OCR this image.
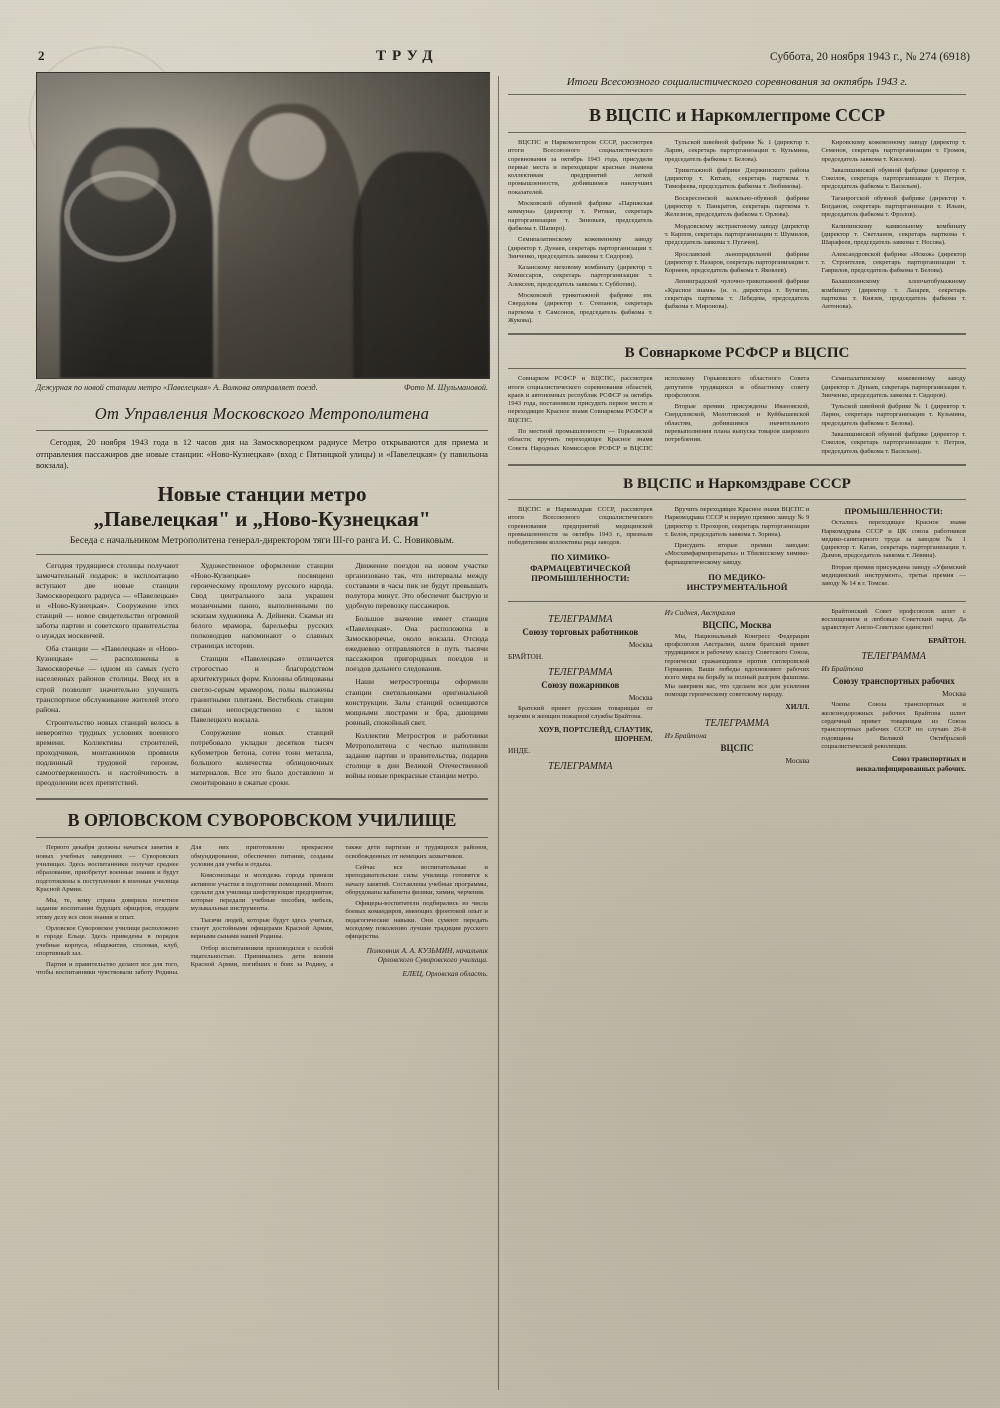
2	ТРУД	Суббота, 20 ноября 1943 г., № 274 (6918)
Дежурная по новой станции метро «Павелецкая» А. Волкова отправляет поезд.	Фото М. Шульмановой.
От Управления Московского Метрополитена

Сегодня, 20 ноября 1943 года в 12 часов дня на Замоскворецком радиусе Метро открываются для приема и отправления пассажиров две новые станции: «Ново-Кузнецкая» (вход с Пятницкой улицы) и «Павелецкая» (у павильона вокзала).

Новые станции метро
„Павелецкая" и „Ново-Кузнецкая"
Беседа с начальником Метрополитена генерал-директором тяги III-го ранга И. С. Новиковым.

Сегодня трудящиеся столицы получают замечательный подарок: в эксплоатацию вступают две новые станции Замоскворецкого радиуса — «Павелецкая» и «Ново-Кузнецкая». Сооружение этих станций — новое свидетельство огромной заботы партии и советского правительства о нуждах москвичей.

Оба станции — «Павелецкая» и «Ново-Кузнецкая» — расположены в Замоскворечье — одном из самых густо населенных районов столицы. Ввод их в строй позволит значительно улучшить транспортное обслуживание жителей этого района.

Строительство новых станций велось в невероятно трудных условиях военного времени. Коллективы строителей, проходчиков, монтажников проявили подлинный трудовой героизм, самоотверженность и настойчивость в преодолении всех препятствий.

Художественное оформление станции «Ново-Кузнецкая» посвящено героическому прошлому русского народа. Свод центрального зала украшен мозаичными панно, выполненными по эскизам художника А. Дейнеки. Скамьи из белого мрамора, барельефы русских полководцев напоминают о славных страницах истории.

Станция «Павелецкая» отличается строгостью и благородством архитектурных форм. Колонны облицованы светло-серым мрамором, полы выложены гранитными плитами. Вестибюль станции связан непосредственно с залом Павелецкого вокзала.

Сооружение новых станций потребовало укладки десятков тысяч кубометров бетона, сотен тонн металла, большого количества облицовочных материалов. Все это было доставлено и смонтировано в сжатые сроки.

Движение поездов на новом участке организовано так, что интервалы между составами в часы пик не будут превышать полутора минут. Это обеспечит быструю и удобную перевозку пассажиров.

Большое значение имеет станция «Павелецкая». Она расположена в Замоскворечье, около вокзала. Отсюда ежедневно отправляются в путь тысячи пассажиров пригородных поездов и поездов дальнего следования.

Наши метростроевцы оформили станции светильниками оригинальной конструкции. Залы станций освещаются мощными люстрами и бра, дающими ровный, спокойный свет.

Коллектив Метростроя и работники Метрополитена с честью выполнили задание партии и правительства, подарив столице в дни Великой Отечественной войны новые прекрасные станции метро.

В ОРЛОВСКОМ СУВОРОВСКОМ УЧИЛИЩЕ

Первого декабря должны начаться занятия в новых учебных заведениях — Суворовских училищах. Здесь воспитанники получат среднее образование, приобретут военные знания и будут подготовлены к поступлению в военные училища Красной Армии.

Мы, те, кому страна доверила почетное задание воспитания будущих офицеров, отдадим этому делу все свои знания и опыт.

Орловское Суворовское училище расположено в городе Ельце. Здесь приведены в порядок учебные корпуса, общежития, столовая, клуб, спортивный зал.

Партия и правительство делают все для того, чтобы воспитанники чувствовали заботу Родины. Для них приготовлено прекрасное обмундирование, обеспечено питание, созданы условия для учебы и отдыха.

Комсомольцы и молодежь города приняли активное участие в подготовке помещений. Много сделали для училища шефствующие предприятия, которые передали учебные пособия, мебель, музыкальные инструменты.

Тысячи людей, которые будут здесь учиться, станут достойными офицерами Красной Армии, верными сынами нашей Родины.

Отбор воспитанников производился с особой тщательностью. Принимались дети воинов Красной Армии, погибших в боях за Родину, а также дети партизан и трудящихся районов, освобожденных от немецких захватчиков.

Сейчас все воспитательные и преподавательские силы училища готовятся к началу занятий. Составлены учебные программы, оборудованы кабинеты физики, химии, черчения.

Офицеры-воспитатели подбирались из числа боевых командиров, имеющих фронтовой опыт и педагогические навыки. Они сумеют передать молодому поколению лучшие традиции русского офицерства.

Полковник А. А. КУЗЬМИН, начальник Орловского Суворовского училища.
ЕЛЕЦ, Орловская область.
Итоги Всесоюзного социалистического соревнования за октябрь 1943 г.
В ВЦСПС и Наркомлегпроме СССР

ВЦСПС и Наркомлегпром СССР, рассмотрев итоги Всесоюзного социалистического соревнования за октябрь 1943 года, присудили первые места и переходящие красные знамена коллективам предприятий легкой промышленности, добившимся наилучших показателей.

Московской обувной фабрике «Парижская коммуна» (директор т. Ритман, секретарь парторганизации т. Зиновьев, председатель фабкома т. Шапиро).

Семипалатинскому кожевенному заводу (директор т. Дунаев, секретарь парторганизации т. Зинченко, председатель завкома т. Сидоров).

Казанскому меховому комбинату (директор т. Комиссаров, секретарь парторганизации т. Алексеев, председатель завкома т. Субботин).

Московской трикотажной фабрике им. Свердлова (директор т. Степанов, секретарь парткома т. Самсонов, председатель фабкома т. Жукова).

Тульской швейной фабрике № 1 (директор т. Ларин, секретарь парторганизации т. Кузьмина, председатель фабкома т. Белова).

Трикотажной фабрике Дзержинского района (директор т. Китаев, секретарь парткома т. Тимофеева, председатель фабкома т. Любимова).

Воскресенской валяльно-обувной фабрике (директор т. Панкратов, секретарь парткома т. Железнов, председатель фабкома т. Орлова).

Мордовскому экстрактовому заводу (директор т. Карпов, секретарь парторганизации т. Шумилов, председатель завкома т. Пугачев).

Ярославской льнопрядильной фабрике (директор т. Назаров, секретарь парторганизации т. Корнеев, председатель фабкома т. Яковлев).

Ленинградской чулочно-трикотажной фабрике «Красное знамя» (и. о. директора т. Бутягин, секретарь парткома т. Лебедева, председатель фабкома т. Миронова).

Кировскому кожевенному заводу (директор т. Семенов, секретарь парторганизации т. Громов, председатель завкома т. Киселев).

Завалишинской обувной фабрике (директор т. Соколов, секретарь парторганизации т. Петров, председатель фабкома т. Васильев).

Таганрогской обувной фабрике (директор т. Богданов, секретарь парторганизации т. Ильин, председатель фабкома т. Фролов).

Калининскому камвольному комбинату (директор т. Светланов, секретарь парткома т. Шарафеев, председатель завкома т. Носова).

Александровской фабрике «Искож» (директор т. Строителев, секретарь парторганизации т. Гаврилов, председатель фабкома т. Белова).

Балашихинскому хлопчатобумажному комбинату (директор т. Лазарев, секретарь парткома т. Князев, председатель фабкома т. Антонова).

В Совнаркоме РСФСР и ВЦСПС

Совнарком РСФСР и ВЦСПС, рассмотрев итоги социалистического соревнования областей, краев и автономных республик РСФСР за октябрь 1943 года, постановили присудить первое место и переходящее Красное знамя Совнаркома РСФСР и ВЦСПС.

По местной промышленности — Горьковской области; вручить переходящее Красное знамя Совета Народных Комиссаров РСФСР и ВЦСПС исполкому Горьковского областного Совета депутатов трудящихся и областному совету профсоюзов.

Вторые премии присуждены Ивановской, Свердловской, Молотовской и Куйбышевской областям, добившимся значительного перевыполнения плана выпуска товаров широкого потребления.

Семипалатинскому кожевенному заводу (директор т. Дунаев, секретарь парторганизации т. Зинченко, председатель завкома т. Сидоров).

Тульской швейной фабрике № 1 (директор т. Ларин, секретарь парторганизации т. Кузьмина, председатель фабкома т. Белова).

Завалишинской обувной фабрике (директор т. Соколов, секретарь парторганизации т. Петров, председатель фабкома т. Васильев).

В ВЦСПС и Наркомздраве СССР

ВЦСПС и Наркомздрав СССР, рассмотрев итоги Всесоюзного социалистического соревнования предприятий медицинской промышленности за октябрь 1943 г., признали победителями коллективы ряда заводов.

ПО ХИМИКО-ФАРМАЦЕВТИЧЕСКОЙ ПРОМЫШЛЕННОСТИ:

Вручить переходящее Красное знамя ВЦСПС и Наркомздрава СССР и первую премию заводу № 9 (директор т. Прохоров, секретарь парторганизации т. Белов, председатель завкома т. Зорина).

Присудить вторые премии заводам: «Мосхимфармпрепараты» и Тбилисскому химико-фармацевтическому заводу.

ПО МЕДИКО-ИНСТРУМЕНТАЛЬНОЙ ПРОМЫШЛЕННОСТИ:

Остались переходящее Красное знамя Наркомздрава СССР и ЦК союза работников медико-санитарного труда за заводом № 1 (директор т. Каган, секретарь парторганизации т. Дымов, председатель завкома т. Левина).

Вторая премия присуждена заводу «Уфимский медицинский инструмент», третья премия — заводу № 14 в г. Томске.

ТЕЛЕГРАММА
Союзу торговых работников
Москва
БРАЙТОН.
ТЕЛЕГРАММА
Союзу пожарников
Москва

Братский привет русским товарищам от мужчин и женщин пожарной службы Брайтона.

ХОУВ, ПОРТСЛЕЙД, СЛАУТИК, ШОРНЕМ.
ИНДЕ.
ТЕЛЕГРАММА
Из Сиднея, Австралия
ВЦСПС, Москва

Мы, Национальный Конгресс Федерации профсоюзов Австралии, шлем братский привет трудящимся и рабочему классу Советского Союза, героически сражающимся против гитлеровской Германии. Ваши победы вдохновляют рабочих всего мира на борьбу за полный разгром фашизма. Мы заверяем вас, что сделаем все для усиления помощи героическому советскому народу.

ХИЛЛ.
ТЕЛЕГРАММА
Из Брайтона
ВЦСПС
Москва

Брайтонский Совет профсоюзов шлет с восхищением и любовью Советский народ. Да здравствует Англо-Советское единство!

БРАЙТОН.
ТЕЛЕГРАММА
Из Брайтона
Союзу транспортных рабочих
Москва

Члены Союза транспортных и железнодорожных рабочих Брайтона шлют сердечный привет товарищам из Союза транспортных рабочих СССР по случаю 26-й годовщины Великой Октябрьской социалистической революции.

Союз транспортных и неквалифицированных рабочих.
